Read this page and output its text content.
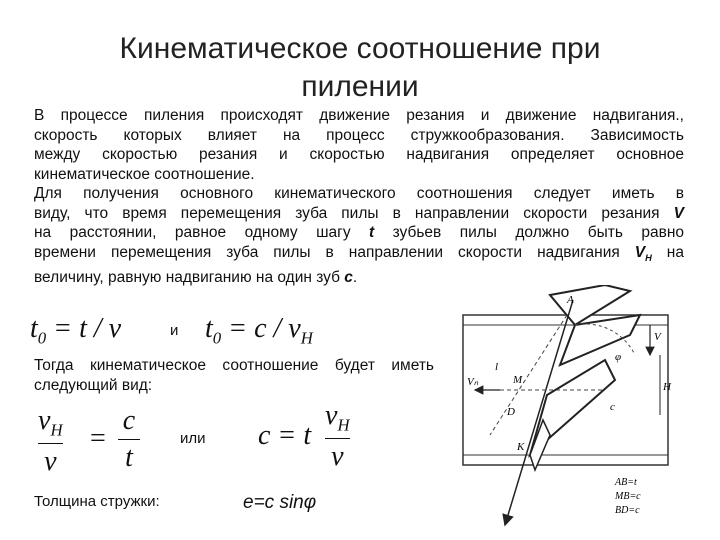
Кинематическое соотношение при
пилении

В процессе пиления происходят движение резания и движение надвигания.,

скорость которых влияет на процесс стружкообразования. Зависимость

между скоростью резания и скоростью надвигания определяет основное

кинематическое соотношение.

Для получения основного кинематического соотношения следует иметь в

виду, что время перемещения зуба пилы в направлении скорости резания V

на расстоянии, равное одному шагу t зубьев пилы должно быть равно

времени перемещения зуба пилы в направлении скорости надвигания $V_H$ на

величину, равную надвиганию на один зуб c.

$t_0 = t / v$	и $t_0 = c / v_H$
Тогда кинематическое соотношение будет иметь следующий вид:
$v_H$
v
=
c
t
или c = t
$v_H$
v
Толщина стружки:	e=c sinφ
A
M
D
K
φ
V
Vₙ	H
c
l
AB=t
MB=c
BD=c
